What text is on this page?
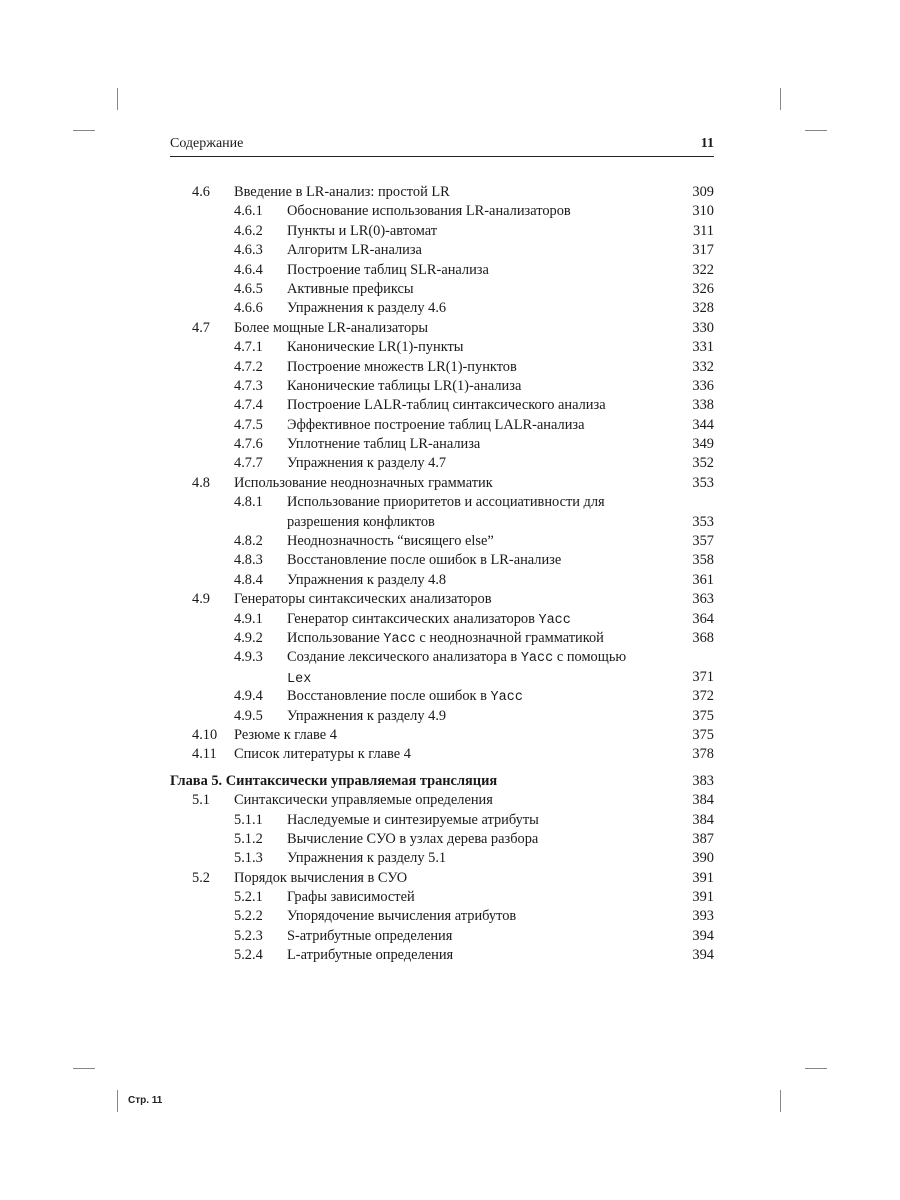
Содержание	11
4.6 Введение в LR-анализ: простой LR	309
4.6.1 Обоснование использования LR-анализаторов	310
4.6.2 Пункты и LR(0)-автомат	311
4.6.3 Алгоритм LR-анализа	317
4.6.4 Построение таблиц SLR-анализа	322
4.6.5 Активные префиксы	326
4.6.6 Упражнения к разделу 4.6	328
4.7 Более мощные LR-анализаторы	330
4.7.1 Канонические LR(1)-пункты	331
4.7.2 Построение множеств LR(1)-пунктов	332
4.7.3 Канонические таблицы LR(1)-анализа	336
4.7.4 Построение LALR-таблиц синтаксического анализа	338
4.7.5 Эффективное построение таблиц LALR-анализа	344
4.7.6 Уплотнение таблиц LR-анализа	349
4.7.7 Упражнения к разделу 4.7	352
4.8 Использование неоднозначных грамматик	353
4.8.1 Использование приоритетов и ассоциативности для разрешения конфликтов	353
4.8.2 Неоднозначность “висящего else”	357
4.8.3 Восстановление после ошибок в LR-анализе	358
4.8.4 Упражнения к разделу 4.8	361
4.9 Генераторы синтаксических анализаторов	363
4.9.1 Генератор синтаксических анализаторов Yacc	364
4.9.2 Использование Yacc с неоднозначной грамматикой	368
4.9.3 Создание лексического анализатора в Yacc с помощью Lex	371
4.9.4 Восстановление после ошибок в Yacc	372
4.9.5 Упражнения к разделу 4.9	375
4.10 Резюме к главе 4	375
4.11 Список литературы к главе 4	378
Глава 5. Синтаксически управляемая трансляция	383
5.1 Синтаксически управляемые определения	384
5.1.1 Наследуемые и синтезируемые атрибуты	384
5.1.2 Вычисление СУО в узлах дерева разбора	387
5.1.3 Упражнения к разделу 5.1	390
5.2 Порядок вычисления в СУО	391
5.2.1 Графы зависимостей	391
5.2.2 Упорядочение вычисления атрибутов	393
5.2.3 S-атрибутные определения	394
5.2.4 L-атрибутные определения	394
Стр. 11
